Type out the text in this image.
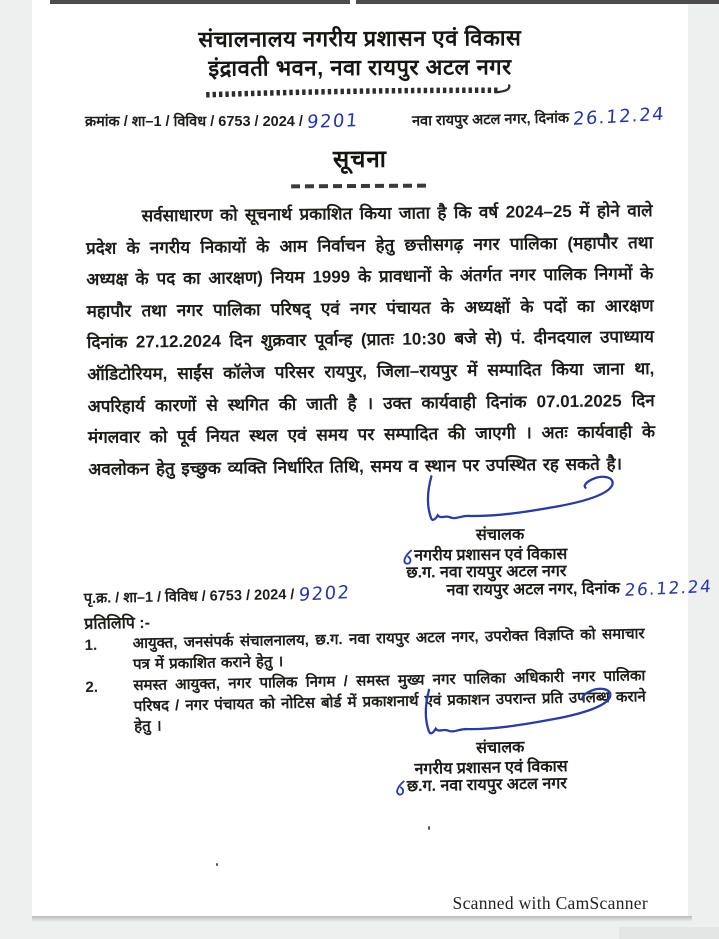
संचालनालय नगरीय प्रशासन एवं विकास
इंद्रावती भवन, नवा रायपुर अटल नगर
क्रमांक / शा–1 / विविध / 6753 / 2024 / 9201	नवा रायपुर अटल नगर, दिनांक 26.12.24
सूचना
सर्वसाधारण को सूचनार्थ प्रकाशित किया जाता है कि वर्ष 2024–25 में होने वाले प्रदेश के नगरीय निकायों के आम निर्वाचन हेतु छत्तीसगढ़ नगर पालिका (महापौर तथा अध्यक्ष के पद का आरक्षण) नियम 1999 के प्रावधानों के अंतर्गत नगर पालिक निगमों के महापौर तथा नगर पालिका परिषद् एवं नगर पंचायत के अध्यक्षों के पदों का आरक्षण दिनांक 27.12.2024 दिन शुक्रवार पूर्वान्ह (प्रातः 10:30 बजे से) पं. दीनदयाल उपाध्याय ऑडिटोरियम, साईंस कॉलेज परिसर रायपुर, जिला–रायपुर में सम्पादित किया जाना था, अपरिहार्य कारणों से स्थगित की जाती है । उक्त कार्यवाही दिनांक 07.01.2025 दिन मंगलवार को पूर्व नियत स्थल एवं समय पर सम्पादित की जाएगी । अतः कार्यवाही के अवलोकन हेतु इच्छुक व्यक्ति निर्धारित तिथि, समय व स्थान पर उपस्थित रह सकते है।
संचालक
नगरीय प्रशासन एवं विकास
छ.ग. नवा रायपुर अटल नगर
नवा रायपुर अटल नगर, दिनांक 26.12.24
पृ.क्र. / शा–1 / विविध / 6753 / 2024 / 9202
प्रतिलिपि :-
1.	आयुक्त, जनसंपर्क संचालनालय, छ.ग. नवा रायपुर अटल नगर, उपरोक्त विज्ञप्ति को समाचार पत्र में प्रकाशित कराने हेतु ।
2.	समस्त आयुक्त, नगर पालिक निगम / समस्त मुख्य नगर पालिका अधिकारी नगर पालिका परिषद / नगर पंचायत को नोटिस बोर्ड में प्रकाशनार्थ एवं प्रकाशन उपरान्त प्रति उपलब्ध कराने हेतु ।
संचालक
नगरीय प्रशासन एवं विकास
छ.ग. नवा रायपुर अटल नगर
Scanned with CamScanner
